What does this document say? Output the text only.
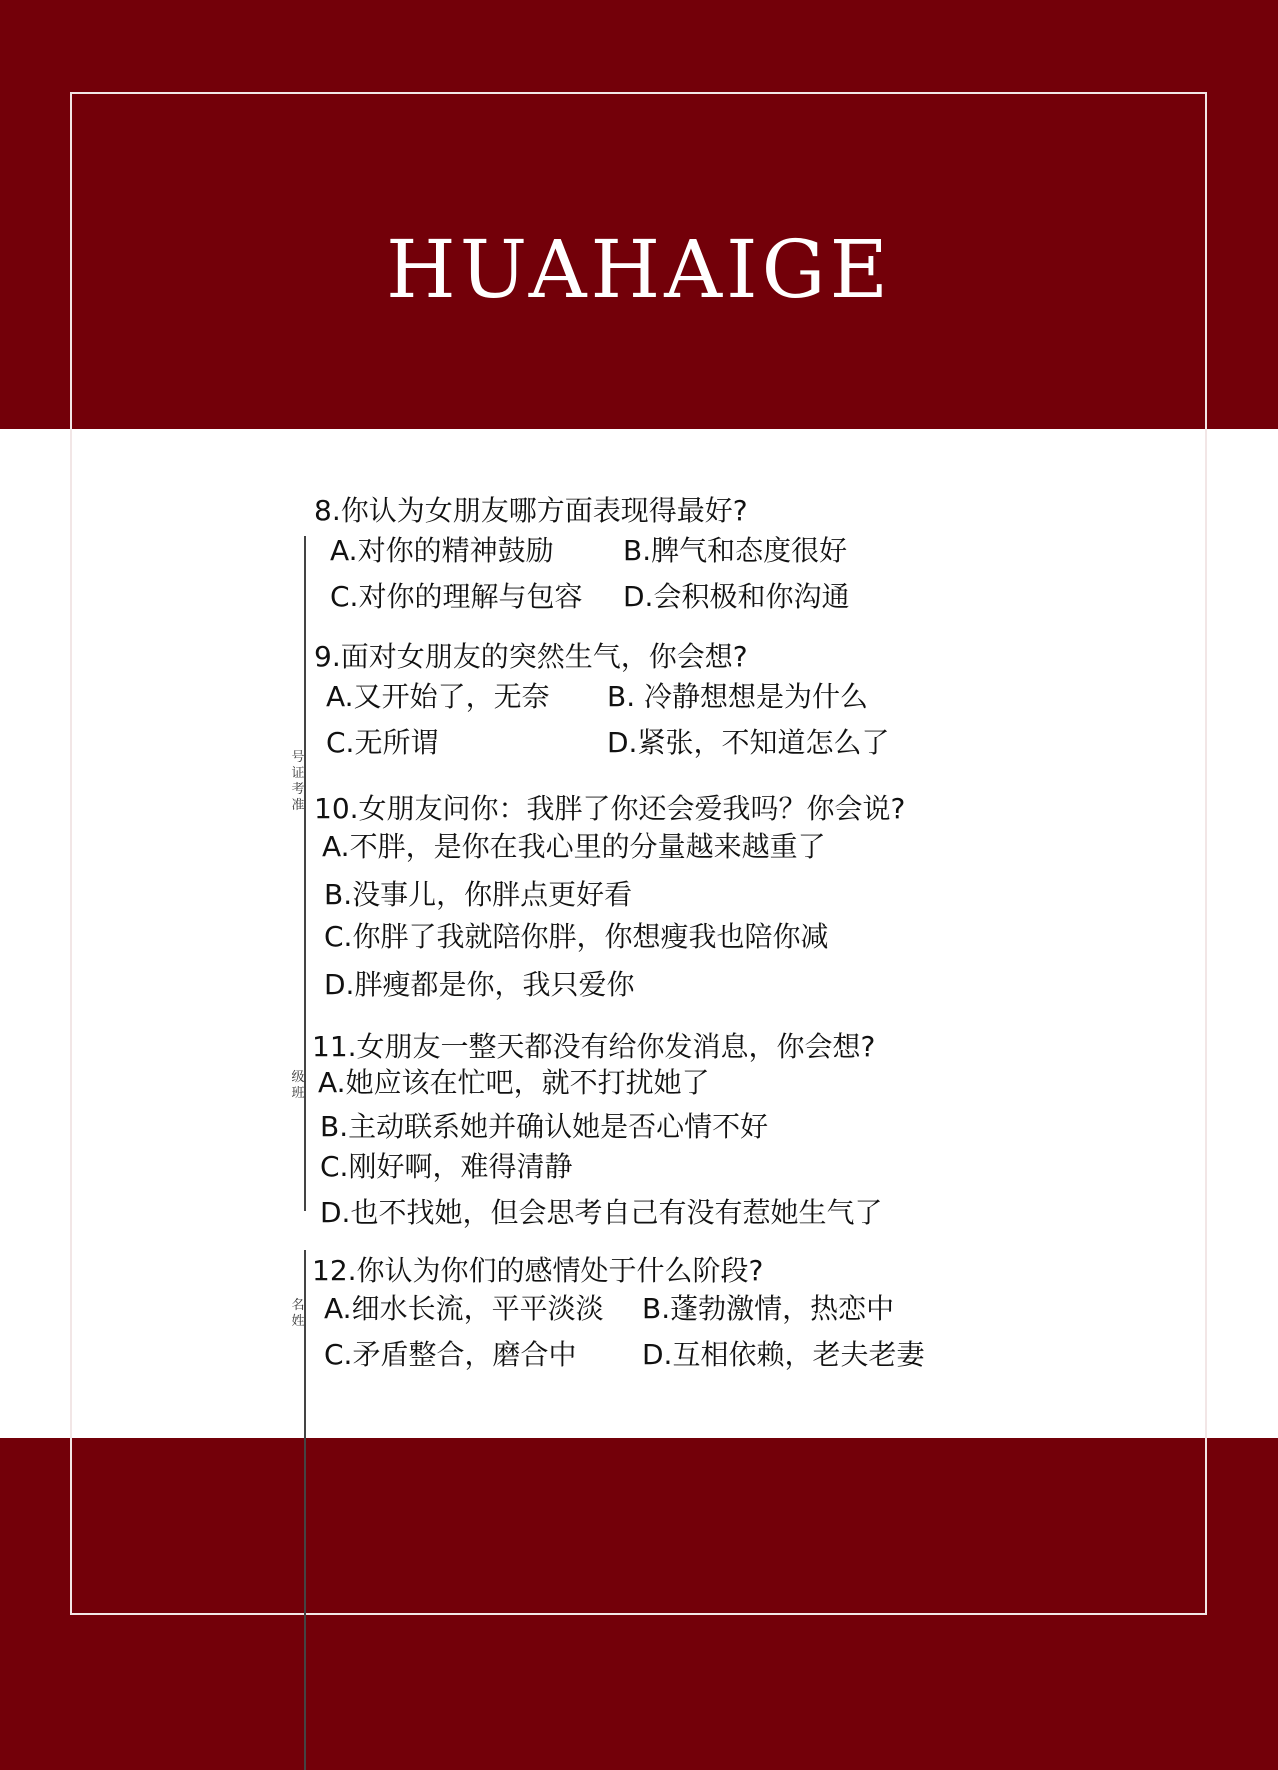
HUAHAIGE
号证考准
级班
名姓
8.你认为女朋友哪方面表现得最好?
A.对你的精神鼓励 B.脾气和态度很好
C.对你的理解与包容 D.会积极和你沟通
9.面对女朋友的突然生气，你会想?
A.又开始了，无奈 B. 冷静想想是为什么
C.无所谓	D.紧张，不知道怎么了
10.女朋友问你：我胖了你还会爱我吗？你会说?
A.不胖，是你在我心里的分量越来越重了
B.没事儿，你胖点更好看
C.你胖了我就陪你胖，你想瘦我也陪你减
D.胖瘦都是你，我只爱你
11.女朋友一整天都没有给你发消息，你会想?
A.她应该在忙吧，就不打扰她了
B.主动联系她并确认她是否心情不好
C.刚好啊，难得清静
D.也不找她，但会思考自己有没有惹她生气了
12.你认为你们的感情处于什么阶段?
A.细水长流，平平淡淡 B.蓬勃激情，热恋中
C.矛盾整合，磨合中 D.互相依赖，老夫老妻
